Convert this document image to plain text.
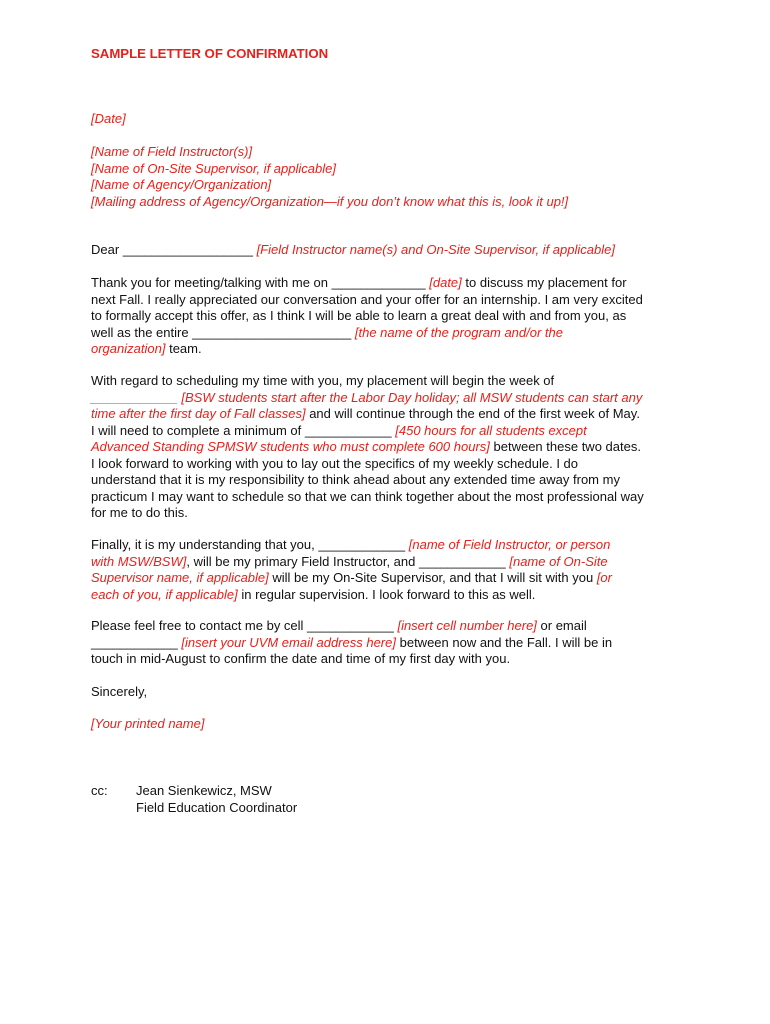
SAMPLE LETTER OF CONFIRMATION
[Date]
[Name of Field Instructor(s)]
[Name of On-Site Supervisor, if applicable]
[Name of Agency/Organization]
[Mailing address of Agency/Organization—if you don’t know what this is, look it up!]
Dear __________________ [Field Instructor name(s) and On-Site Supervisor, if applicable]
Thank you for meeting/talking with me on _____________ [date] to discuss my placement for
next Fall. I really appreciated our conversation and your offer for an internship. I am very excited
to formally accept this offer, as I think I will be able to learn a great deal with and from you, as
well as the entire ______________________ [the name of the program and/or the
organization] team.
With regard to scheduling my time with you, my placement will begin the week of
____________ [BSW students start after the Labor Day holiday; all MSW students can start any
time after the first day of Fall classes] and will continue through the end of the first week of May.
I will need to complete a minimum of ____________ [450 hours for all students except
Advanced Standing SPMSW students who must complete 600 hours] between these two dates.
I look forward to working with you to lay out the specifics of my weekly schedule. I do
understand that it is my responsibility to think ahead about any extended time away from my
practicum I may want to schedule so that we can think together about the most professional way
for me to do this.
Finally, it is my understanding that you, ____________ [name of Field Instructor, or person
with MSW/BSW], will be my primary Field Instructor, and ____________ [name of On-Site
Supervisor name, if applicable] will be my On-Site Supervisor, and that I will sit with you [or
each of you, if applicable] in regular supervision. I look forward to this as well.
Please feel free to contact me by cell ____________ [insert cell number here] or email
____________ [insert your UVM email address here] between now and the Fall. I will be in
touch in mid-August to confirm the date and time of my first day with you.
Sincerely,
[Your printed name]
cc: Jean Sienkewicz, MSW
Field Education Coordinator
